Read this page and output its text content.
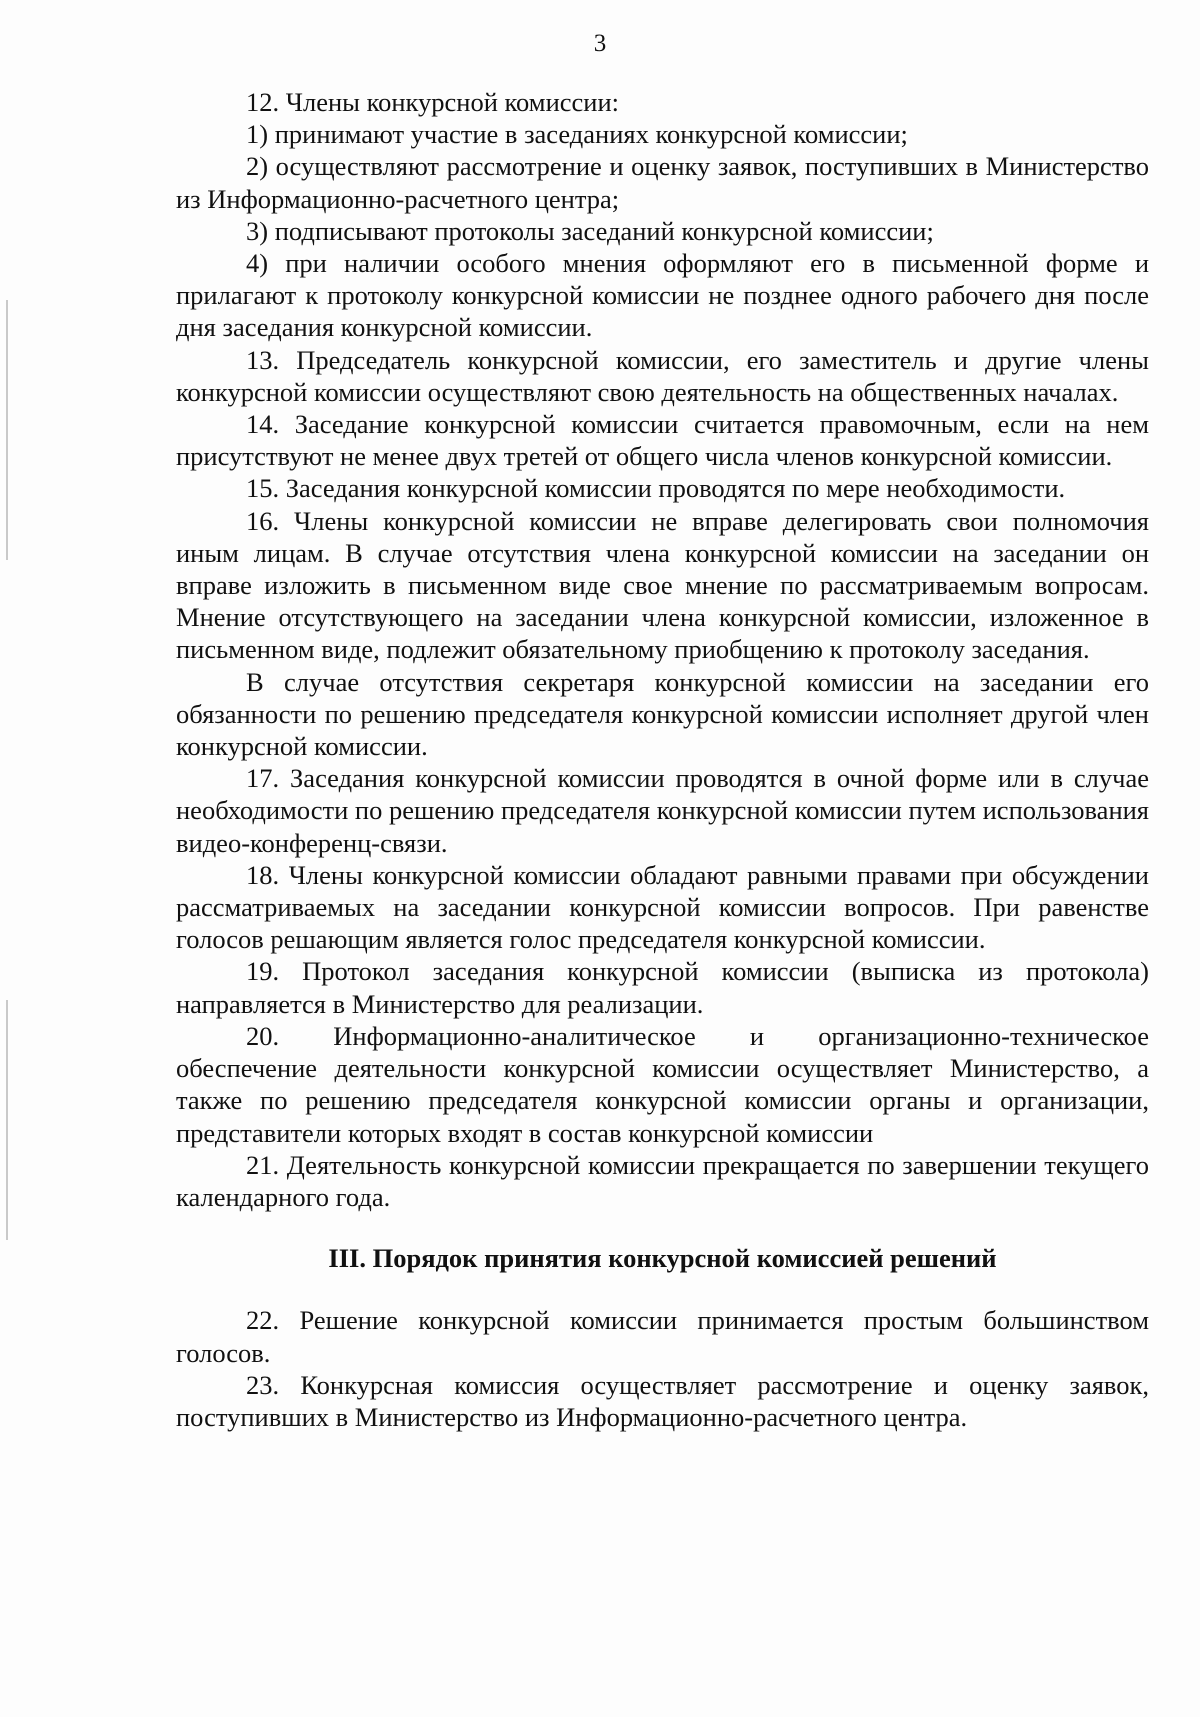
3

12. Члены конкурсной комиссии:

1) принимают участие в заседаниях конкурсной комиссии;

2) осуществляют рассмотрение и оценку заявок, поступивших в Министерство из Информационно-расчетного центра;

3) подписывают протоколы заседаний конкурсной комиссии;

4) при наличии особого мнения оформляют его в письменной форме и прилагают к протоколу конкурсной комиссии не позднее одного рабочего дня после дня заседания конкурсной комиссии.

13. Председатель конкурсной комиссии, его заместитель и другие члены конкурсной комиссии осуществляют свою деятельность на общественных началах.

14. Заседание конкурсной комиссии считается правомочным, если на нем присутствуют не менее двух третей от общего числа членов конкурсной комиссии.

15. Заседания конкурсной комиссии проводятся по мере необходимости.

16. Члены конкурсной комиссии не вправе делегировать свои полномочия иным лицам. В случае отсутствия члена конкурсной комиссии на заседании он вправе изложить в письменном виде свое мнение по рассматриваемым вопросам. Мнение отсутствующего на заседании члена конкурсной комиссии, изложенное в письменном виде, подлежит обязательному приобщению к протоколу заседания.

В случае отсутствия секретаря конкурсной комиссии на заседании его обязанности по решению председателя конкурсной комиссии исполняет другой член конкурсной комиссии.

17. Заседания конкурсной комиссии проводятся в очной форме или в случае необходимости по решению председателя конкурсной комиссии путем использования видео-конференц-связи.

18. Члены конкурсной комиссии обладают равными правами при обсуждении рассматриваемых на заседании конкурсной комиссии вопросов. При равенстве голосов решающим является голос председателя конкурсной комиссии.

19. Протокол заседания конкурсной комиссии (выписка из протокола) направляется в Министерство для реализации.

20. Информационно-аналитическое и организационно-техническое обеспечение деятельности конкурсной комиссии осуществляет Министерство, а также по решению председателя конкурсной комиссии органы и организации, представители которых входят в состав конкурсной комиссии

21. Деятельность конкурсной комиссии прекращается по завершении текущего календарного года.

III. Порядок принятия конкурсной комиссией решений

22. Решение конкурсной комиссии принимается простым большинством голосов.

23. Конкурсная комиссия осуществляет рассмотрение и оценку заявок, поступивших в Министерство из Информационно-расчетного центра.
